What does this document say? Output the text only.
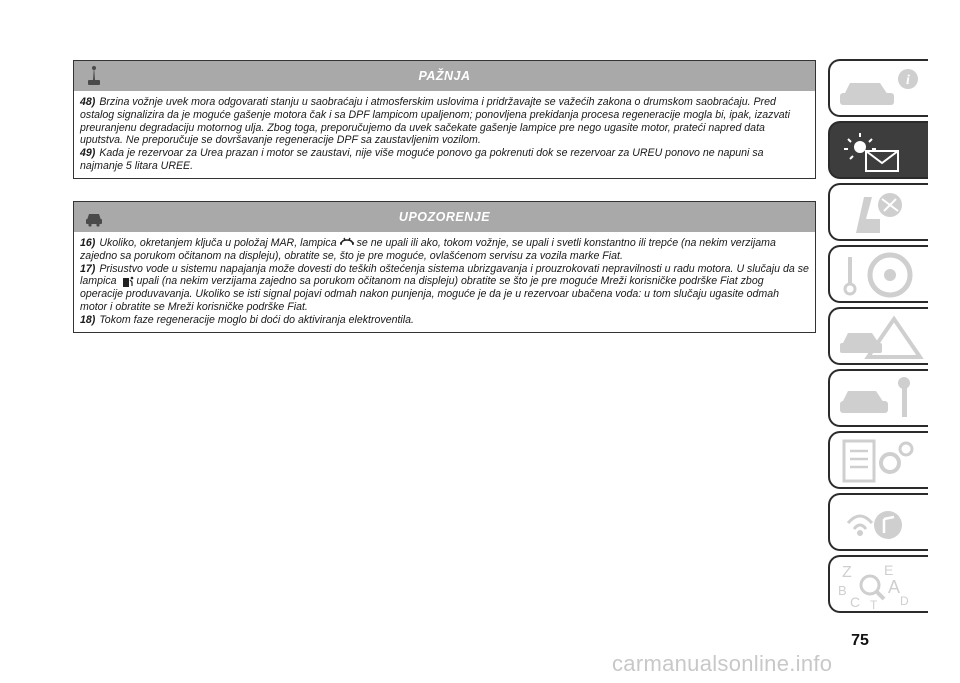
PAŽNJA

48) Brzina vožnje uvek mora odgovarati stanju u saobraćaju i atmosferskim uslovima i pridržavajte se važećih zakona o drumskom saobraćaju. Pred ostalog signalizira da je moguće gašenje motora čak i sa DPF lampicom upaljenom; ponovljena prekidanja procesa regeneracije mogla bi, ipak, izazvati preuranjenu degradaciju motornog ulja. Zbog toga, preporučujemo da uvek sačekate gašenje lampice pre nego ugasite motor, prateći napred data uputstva. Ne preporučuje se dovršavanje regeneracije DPF sa zaustavljenim vozilom.

49) Kada je rezervoar za Urea prazan i motor se zaustavi, nije više moguće ponovo ga pokrenuti dok se rezervoar za UREU ponovo ne napuni sa najmanje 5 litara UREE.

UPOZORENJE

16) Ukoliko, okretanjem ključa u položaj MAR, lampica se ne upali ili ako, tokom vožnje, se upali i svetli konstantno ili trepće (na nekim verzijama zajedno sa porukom očitanom na displeju), obratite se, što je pre moguće, ovlašćenom servisu za vozila marke Fiat.

17) Prisustvo vode u sistemu napajanja može dovesti do teških oštećenja sistema ubrizgavanja i prouzrokovati nepravilnosti u radu motora. U slučaju da se lampica upali (na nekim verzijama zajedno sa porukom očitanom na displeju) obratite se što je pre moguće Mreži korisničke podrške Fiat zbog operacije produvavanja. Ukoliko se isti signal pojavi odmah nakon punjenja, moguće je da je u rezervoar ubačena voda: u tom slučaju ugasite odmah motor i obratite se Mreži korisničke podrške Fiat.

18) Tokom faze regeneracije moglo bi doći do aktiviranja elektroventila.

i
Z E
B A
C	D
T
75
carmanualsonline.info
